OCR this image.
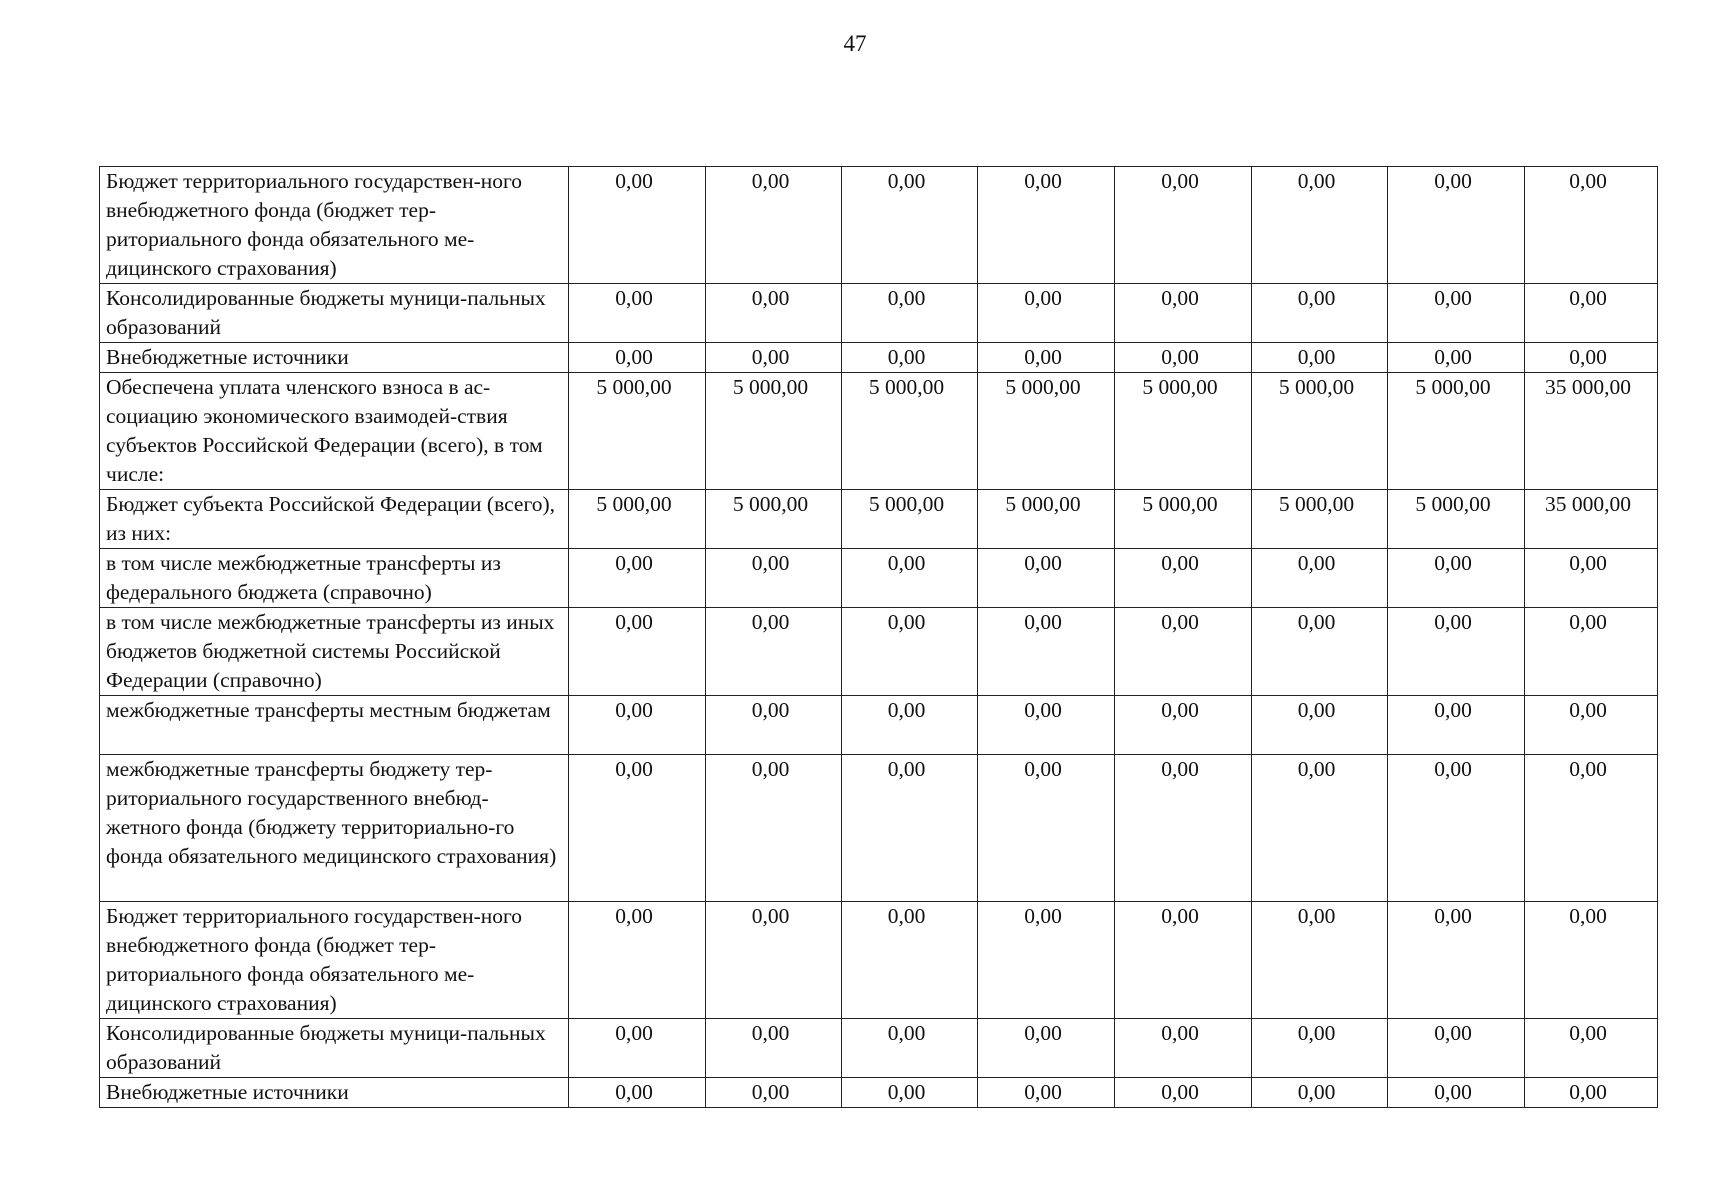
47
Бюджет территориального государствен-ного внебюджетного фонда (бюджет тер-риториального фонда обязательного ме-дицинского страхования)	0,00	0,00	0,00	0,00	0,00	0,00	0,00	0,00
Консолидированные бюджеты муници-пальных образований	0,00	0,00	0,00	0,00	0,00	0,00	0,00	0,00
Внебюджетные источники	0,00	0,00	0,00	0,00	0,00	0,00	0,00	0,00
Обеспечена уплата членского взноса в ас-социацию экономического взаимодей-ствия субъектов Российской Федерации (всего), в том числе:	5 000,00	5 000,00	5 000,00	5 000,00	5 000,00	5 000,00	5 000,00	35 000,00
Бюджет субъекта Российской Федерации (всего), из них:	5 000,00	5 000,00	5 000,00	5 000,00	5 000,00	5 000,00	5 000,00	35 000,00
в том числе межбюджетные трансферты из федерального бюджета (справочно)	0,00	0,00	0,00	0,00	0,00	0,00	0,00	0,00
в том числе межбюджетные трансферты из иных бюджетов бюджетной системы Российской Федерации (справочно)	0,00	0,00	0,00	0,00	0,00	0,00	0,00	0,00
межбюджетные трансферты местным бюджетам	0,00	0,00	0,00	0,00	0,00	0,00	0,00	0,00
межбюджетные трансферты бюджету тер-риториального государственного внебюд-жетного фонда (бюджету территориально-го фонда обязательного медицинского страхования)	0,00	0,00	0,00	0,00	0,00	0,00	0,00	0,00
Бюджет территориального государствен-ного внебюджетного фонда (бюджет тер-риториального фонда обязательного ме-дицинского страхования)	0,00	0,00	0,00	0,00	0,00	0,00	0,00	0,00
Консолидированные бюджеты муници-пальных образований	0,00	0,00	0,00	0,00	0,00	0,00	0,00	0,00
Внебюджетные источники	0,00	0,00	0,00	0,00	0,00	0,00	0,00	0,00
